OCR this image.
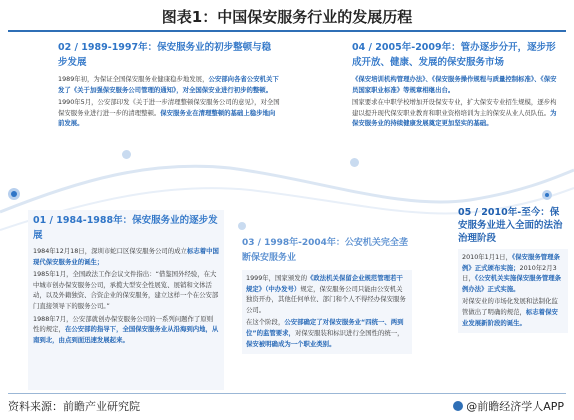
图表1：中国保安服务行业的发展历程
02 / 1989-1997年：保安服务业的初步整顿与稳步发展

1989年初，为保证全国保安服务业健康稳步地发展，公安部向各省公安机关下发了《关于加强保安服务公司管理的通知》，对全国保安业进行初步的整顿。

1990年5月，公安部印发《关于进一步清理整顿保安服务公司的意见》，对全国保安服务业进行进一步的清理整顿。保安服务业在清理整顿的基础上稳步地向前发展。

04 / 2005年-2009年：管办逐步分开，逐步形成开放、健康、发展的保安服务市场

《保安培训机构管理办法》、《保安服务操作规程与质量控制标准》、《保安员国家职业标准》等规章相继出台。

国家要求在中职学校增加开设保安专业，扩大保安专业招生规模，逐步构建以提升现代保安职业教育和职业资格培训为主的保安从业人员队伍。为保安服务业的持续健康发展奠定更加坚实的基础。

01 / 1984-1988年：保安服务业的逐步发展

1984年12月18日，深圳市蛇口区保安服务公司的成立标志着中国现代保安服务业的诞生；

1985年1月，全国政法工作会议文件指出：“借鉴国外经验，在大中城市创办保安服务公司，承揽大型安全性展览、展销和文体活动，以及外籍独资、合资企业的保安服务，建立这样一个在公安部门直接领导下的服务公司。”

1988年7月，公安部就创办保安服务公司的一系列问题作了原则性的规定，在公安部的指导下，全国保安服务业从沿海到内地，从南到北，由点到面迅速发展起来。

03 / 1998年-2004年：公安机关完全垄断保安服务业

1999年，国家颁发的《政法机关保留企业规范管理若干规定》（中办发号）规定，保安服务公司只能由公安机关独资开办，其他任何单位、部门和个人不得经办保安服务公司。

在这个阶段，公安部确定了对保安服务业“四统一、两到位”的监管要求，对保安服装和标识进行全国性的统一，保安被明确成为一个职业类别。

05 / 2010年-至今：保安服务业进入全面的法治治理阶段

2010年1月1日，《保安服务管理条例》正式颁布实施；2010年2月3日，《公安机关实施保安服务管理条例办法》正式实施。

对保安业的市场化发展和法制化监管做出了明确的规范，标志着保安业发展新阶段的诞生。

资料来源：前瞻产业研究院	@前瞻经济学人APP
